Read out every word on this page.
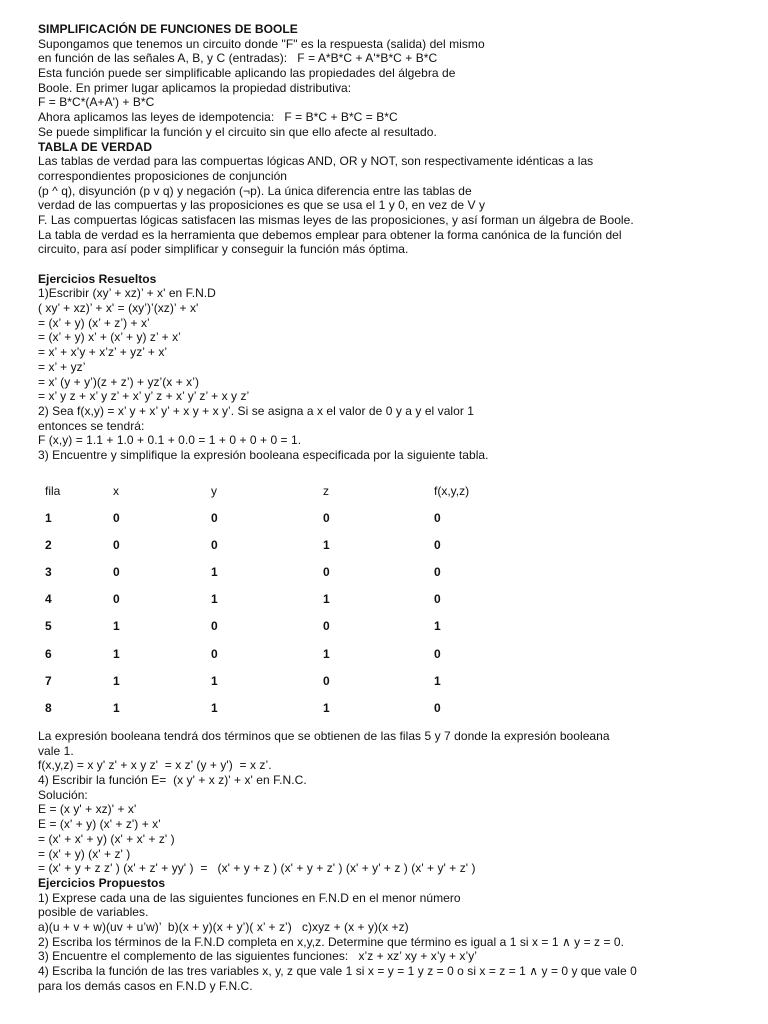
SIMPLIFICACIÓN DE FUNCIONES DE BOOLE
Supongamos que tenemos un circuito donde "F" es la respuesta (salida) del mismo
en función de las señales A, B, y C (entradas):   F = A*B*C + A'*B*C + B*C
Esta función puede ser simplificable aplicando las propiedades del álgebra de
Boole. En primer lugar aplicamos la propiedad distributiva:
F = B*C*(A+A') + B*C
Ahora aplicamos las leyes de idempotencia:   F = B*C + B*C = B*C
Se puede simplificar la función y el circuito sin que ello afecte al resultado.
TABLA DE VERDAD
Las tablas de verdad para las compuertas lógicas AND, OR y NOT, son respectivamente idénticas a las
correspondientes proposiciones de conjunción
(p ^ q), disyunción (p v q) y negación (¬p). La única diferencia entre las tablas de
verdad de las compuertas y las proposiciones es que se usa el 1 y 0, en vez de V y
F. Las compuertas lógicas satisfacen las mismas leyes de las proposiciones, y así forman un álgebra de Boole.
La tabla de verdad es la herramienta que debemos emplear para obtener la forma canónica de la función del
circuito, para así poder simplificar y conseguir la función más óptima.
Ejercicios Resueltos
1)Escribir (xy’ + xz)’ + x' en F.N.D
( xy’ + xz)’ + x' = (xy’)’(xz)’ + x'
= (x’ + y) (x’ + z’) + x’
= (x’ + y) x’ + (x’ + y) z’ + x’
= x’ + x’y + x’z’ + yz’ + x’
= x’ + yz’
= x’ (y + y’)(z + z’) + yz’(x + x’)
= x’ y z + x’ y z’ + x’ y’ z + x’ y’ z’ + x y z’
2) Sea f(x,y) = x’ y + x’ y’ + x y + x y’. Si se asigna a x el valor de 0 y a y el valor 1
entonces se tendrá:
F (x,y) = 1.1 + 1.0 + 0.1 + 0.0 = 1 + 0 + 0 + 0 = 1.
3) Encuentre y simplifique la expresión booleana especificada por la siguiente tabla.
fila	x	y	z	f(x,y,z)
1	0	0	0	0
2	0	0	1	0
3	0	1	0	0
4	0	1	1	0
5	1	0	0	1
6	1	0	1	0
7	1	1	0	1
8	1	1	1	0
La expresión booleana tendrá dos términos que se obtienen de las filas 5 y 7 donde la expresión booleana
vale 1.
f(x,y,z) = x y' z' + x y z'  = x z' (y + y')  = x z’.
4) Escribir la función E=  (x y' + x z)' + x' en F.N.C.
Solución:
E = (x y' + xz)' + x'
E = (x' + y) (x' + z') + x'
= (x' + x' + y) (x' + x' + z' )
= (x' + y) (x' + z' )
= (x' + y + z z' ) (x' + z' + yy' )  =   (x' + y + z ) (x' + y + z' ) (x' + y' + z ) (x' + y' + z' )
Ejercicios Propuestos
1) Exprese cada una de las siguientes funciones en F.N.D en el menor número
posible de variables.
a)(u + v + w)(uv + u’w)’  b)(x + y)(x + y’)( x’ + z’)   c)xyz + (x + y)(x +z)
2) Escriba los términos de la F.N.D completa en x,y,z. Determine que término es igual a 1 si x = 1 ∧ y = z = 0.
3) Encuentre el complemento de las siguientes funciones:   x’z + xz’ xy + x’y + x’y’
4) Escriba la función de las tres variables x, y, z que vale 1 si x = y = 1 y z = 0 o si x = z = 1 ∧ y = 0 y que vale 0
para los demás casos en F.N.D y F.N.C.
